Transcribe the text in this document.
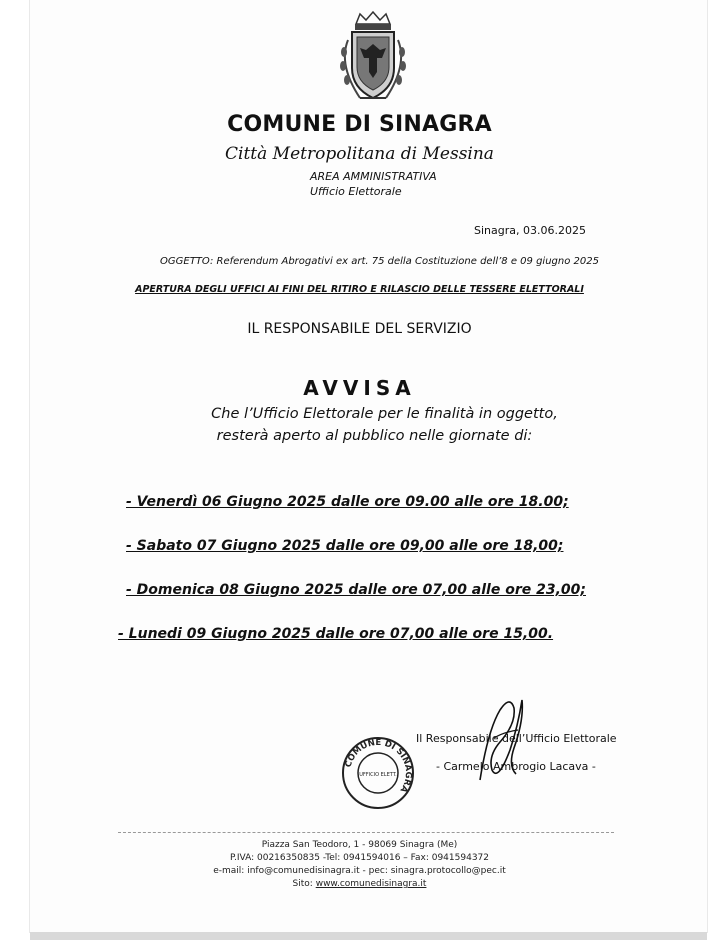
COMUNE DI SINAGRA
Città Metropolitana di Messina
AREA AMMINISTRATIVA
Ufficio Elettorale
Sinagra, 03.06.2025
OGGETTO: Referendum Abrogativi ex art. 75 della Costituzione dell’8 e 09 giugno 2025
APERTURA DEGLI UFFICI AI FINI DEL RITIRO E RILASCIO DELLE TESSERE ELETTORALI
IL RESPONSABILE DEL SERVIZIO
AVVISA
Che l’Ufficio Elettorale per le finalità in oggetto,
resterà aperto al pubblico nelle giornate di:
- Venerdì 06 Giugno 2025 dalle ore 09.00 alle ore 18.00;
- Sabato 07 Giugno 2025 dalle ore 09,00 alle ore 18,00;
- Domenica 08 Giugno 2025 dalle ore 07,00 alle ore 23,00;
- Lunedi 09 Giugno 2025 dalle ore 07,00 alle ore 15,00.
COMUNE DI SINAGRA
UFFICIO ELETT.
Il Responsabile dell’Ufficio Elettorale
- Carmelo Ambrogio Lacava -
Piazza San Teodoro, 1 - 98069 Sinagra (Me)
P.IVA: 00216350835 -Tel: 0941594016 – Fax: 0941594372
e-mail: info@comunedisinagra.it - pec: sinagra.protocollo@pec.it
Sito: www.comunedisinagra.it
